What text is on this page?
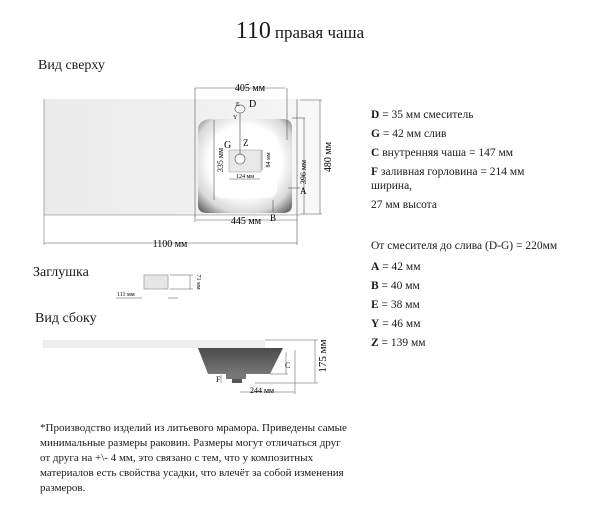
110 правая чаша
Вид сверху
Заглушка
Вид сбоку
405 мм
445 мм
1100 мм
396 мм 480 мм
335 мм	84 мм
124 мм
E D
Y
G Z
A
B
111 мм
71 мм
175 мм
244 мм
C
F
D = 35 мм смеситель
G = 42 мм слив
C внутренняя чаша = 147 мм
F заливная горловина = 214 мм
ширина,
27 мм высота
От смесителя до слива (D-G) = 220мм
A = 42 мм
B = 40 мм
E = 38 мм
Y = 46 мм
Z = 139 мм
*Производство изделий из литьевого мрамора. Приведены самые минимальные размеры раковин. Размеры могут отличаться друг от друга на +\- 4 мм, это связано с тем, что у композитных материалов есть свойства усадки, что влечёт за собой изменения размеров.
